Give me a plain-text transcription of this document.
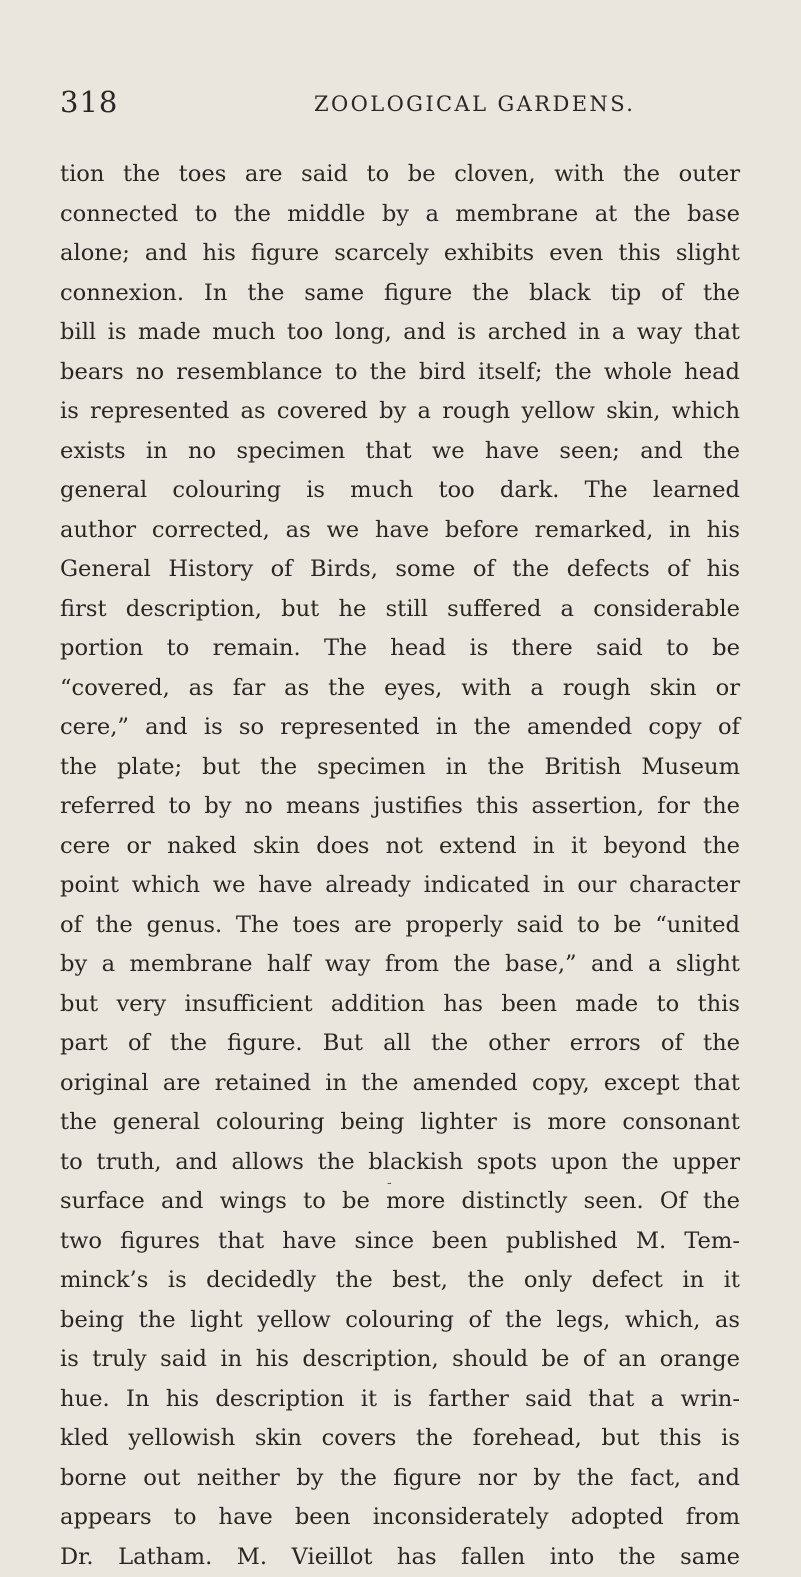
318	ZOOLOGICAL GARDENS.
tion the toes are said to be cloven, with the outer
connected to the middle by a membrane at the base
alone; and his figure scarcely exhibits even this slight
connexion. In the same figure the black tip of the
bill is made much too long, and is arched in a way that
bears no resemblance to the bird itself; the whole head
is represented as covered by a rough yellow skin, which
exists in no specimen that we have seen; and the
general colouring is much too dark. The learned
author corrected, as we have before remarked, in his
General History of Birds, some of the defects of his
first description, but he still suffered a considerable
portion to remain. The head is there said to be
“covered, as far as the eyes, with a rough skin or
cere,” and is so represented in the amended copy of
the plate; but the specimen in the British Museum
referred to by no means justifies this assertion, for the
cere or naked skin does not extend in it beyond the
point which we have already indicated in our character
of the genus. The toes are properly said to be “united
by a membrane half way from the base,” and a slight
but very insufficient addition has been made to this
part of the figure. But all the other errors of the
original are retained in the amended copy, except that
the general colouring being lighter is more consonant
to truth, and allows the blackish spots upon the upper
surface and wings to be more distinctly seen. Of the
two figures that have since been published M. Tem-
minck’s is decidedly the best, the only defect in it
being the light yellow colouring of the legs, which, as
is truly said in his description, should be of an orange
hue. In his description it is farther said that a wrin-
kled yellowish skin covers the forehead, but this is
borne out neither by the figure nor by the fact, and
appears to have been inconsiderately adopted from
Dr. Latham. M. Vieillot has fallen into the same
-
